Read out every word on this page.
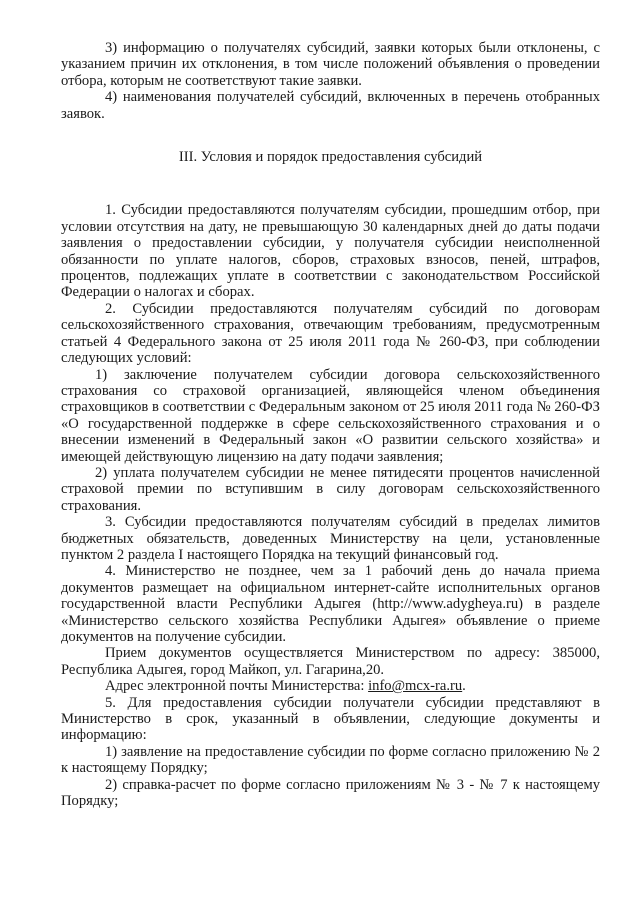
3) информацию о получателях субсидий, заявки которых были отклонены, с указанием причин их отклонения, в том числе положений объявления о проведении отбора, которым не соответствуют такие заявки.

4) наименования получателей субсидий, включенных в перечень отобранных заявок.

III. Условия и порядок предоставления субсидий

1. Субсидии предоставляются получателям субсидии, прошедшим отбор, при условии отсутствия на дату, не превышающую 30 календарных дней до даты подачи заявления о предоставлении субсидии, у получателя субсидии неисполненной обязанности по уплате налогов, сборов, страховых взносов, пеней, штрафов, процентов, подлежащих уплате в соответствии с законодательством Российской Федерации о налогах и сборах.

2. Субсидии предоставляются получателям субсидий по договорам сельскохозяйственного страхования, отвечающим требованиям, предусмотренным статьей 4 Федерального закона от 25 июля 2011 года № 260-ФЗ, при соблюдении следующих условий:

1) заключение получателем субсидии договора сельскохозяйственного страхования со страховой организацией, являющейся членом объединения страховщиков в соответствии с Федеральным законом от 25 июля 2011 года № 260-ФЗ «О государственной поддержке в сфере сельскохозяйственного страхования и о внесении изменений в Федеральный закон «О развитии сельского хозяйства» и имеющей действующую лицензию на дату подачи заявления;

2) уплата получателем субсидии не менее пятидесяти процентов начисленной страховой премии по вступившим в силу договорам сельскохозяйственного страхования.

3. Субсидии предоставляются получателям субсидий в пределах лимитов бюджетных обязательств, доведенных Министерству на цели, установленные пунктом 2 раздела I настоящего Порядка на текущий финансовый год.

4. Министерство не позднее, чем за 1 рабочий день до начала приема документов размещает на официальном интернет-сайте исполнительных органов государственной власти Республики Адыгея (http://www.adygheya.ru) в разделе «Министерство сельского хозяйства Республики Адыгея» объявление о приеме документов на получение субсидии.

Прием документов осуществляется Министерством по адресу: 385000, Республика Адыгея, город Майкоп, ул. Гагарина,20.

Адрес электронной почты Министерства: info@mcx-ra.ru.

5. Для предоставления субсидии получатели субсидии представляют в Министерство в срок, указанный в объявлении, следующие документы и информацию:

1) заявление на предоставление субсидии по форме согласно приложению № 2 к настоящему Порядку;

2) справка-расчет по форме согласно приложениям № 3 - № 7 к настоящему Порядку;
